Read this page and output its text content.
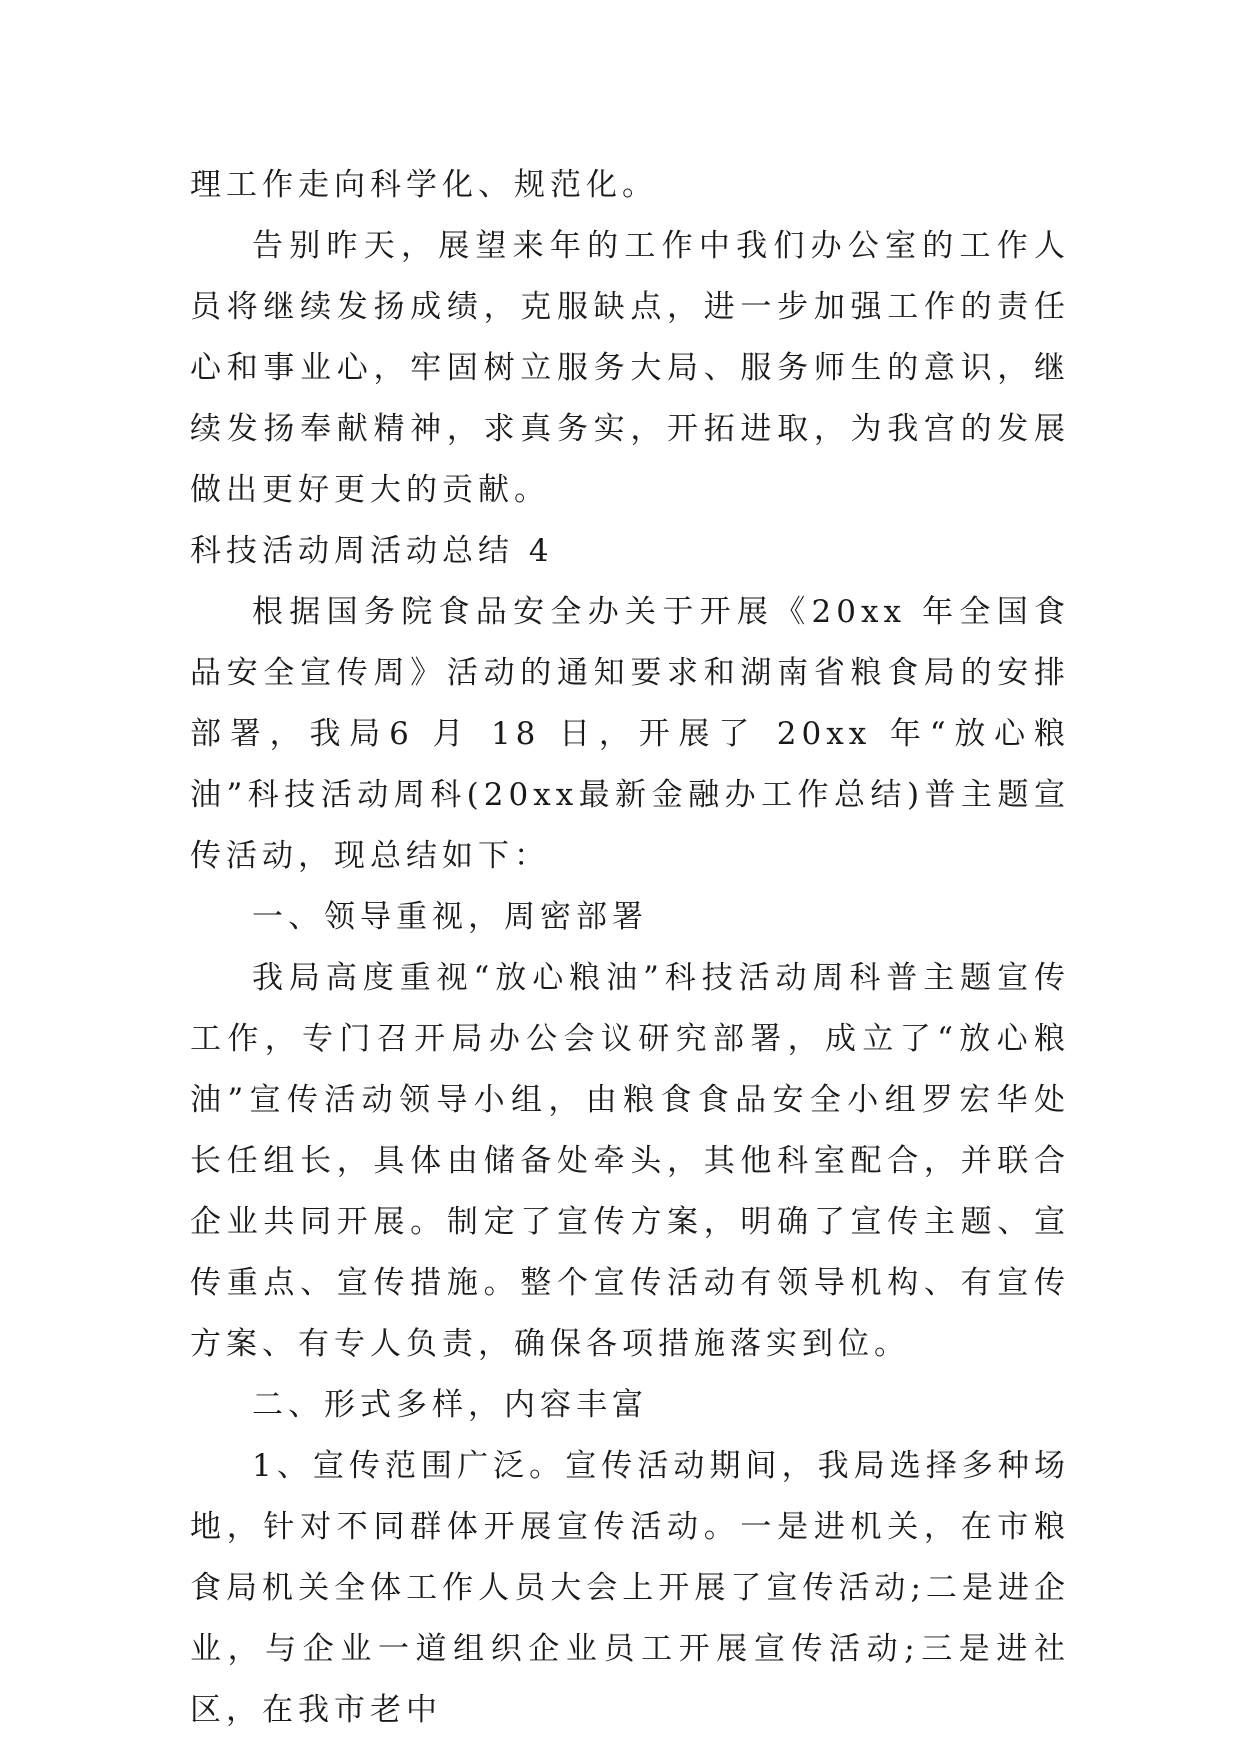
理工作走向科学化、规范化。

告别昨天，展望来年的工作中我们办公室的工作人员将继续发扬成绩，克服缺点，进一步加强工作的责任心和事业心，牢固树立服务大局、服务师生的意识，继续发扬奉献精神，求真务实，开拓进取，为我宫的发展做出更好更大的贡献。

科技活动周活动总结 4

根据国务院食品安全办关于开展《20xx 年全国食品安全宣传周》活动的通知要求和湖南省粮食局的安排部署，我局6 月 18 日，开展了 20xx 年“放心粮油”科技活动周科(20xx最新金融办工作总结)普主题宣传活动，现总结如下：

一、领导重视，周密部署

我局高度重视“放心粮油”科技活动周科普主题宣传工作，专门召开局办公会议研究部署，成立了“放心粮油”宣传活动领导小组，由粮食食品安全小组罗宏华处长任组长，具体由储备处牵头，其他科室配合，并联合企业共同开展。制定了宣传方案，明确了宣传主题、宣传重点、宣传措施。整个宣传活动有领导机构、有宣传方案、有专人负责，确保各项措施落实到位。

二、形式多样，内容丰富

1、宣传范围广泛。宣传活动期间，我局选择多种场地，针对不同群体开展宣传活动。一是进机关，在市粮食局机关全体工作人员大会上开展了宣传活动;二是进企业，与企业一道组织企业员工开展宣传活动;三是进社区，在我市老中
